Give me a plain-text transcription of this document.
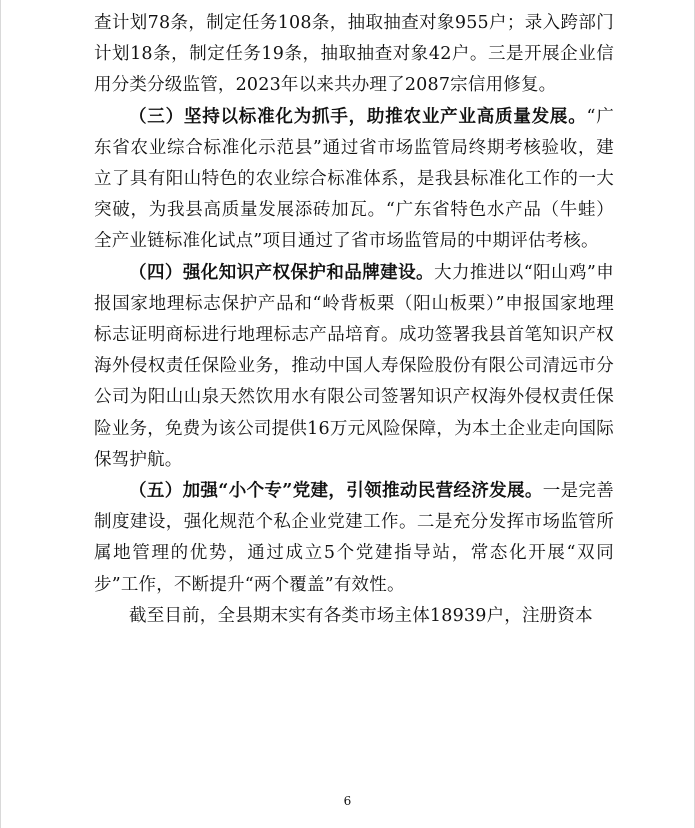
查计划78条，制定任务108条，抽取抽查对象955户；录入跨部门计划18条，制定任务19条，抽取抽查对象42户。三是开展企业信用分类分级监管，2023年以来共办理了2087宗信用修复。

（三）坚持以标准化为抓手，助推农业产业高质量发展。“广东省农业综合标准化示范县”通过省市场监管局终期考核验收，建立了具有阳山特色的农业综合标准体系，是我县标准化工作的一大突破，为我县高质量发展添砖加瓦。“广东省特色水产品（牛蛙）全产业链标准化试点”项目通过了省市场监管局的中期评估考核。

（四）强化知识产权保护和品牌建设。大力推进以“阳山鸡”申报国家地理标志保护产品和“岭背板栗（阳山板栗）”申报国家地理标志证明商标进行地理标志产品培育。成功签署我县首笔知识产权海外侵权责任保险业务，推动中国人寿保险股份有限公司清远市分公司为阳山山泉天然饮用水有限公司签署知识产权海外侵权责任保险业务，免费为该公司提供16万元风险保障，为本土企业走向国际保驾护航。

（五）加强“小个专”党建，引领推动民营经济发展。一是完善制度建设，强化规范个私企业党建工作。二是充分发挥市场监管所属地管理的优势，通过成立5个党建指导站，常态化开展“双同步”工作，不断提升“两个覆盖”有效性。

截至目前，全县期末实有各类市场主体18939户，注册资本

6
